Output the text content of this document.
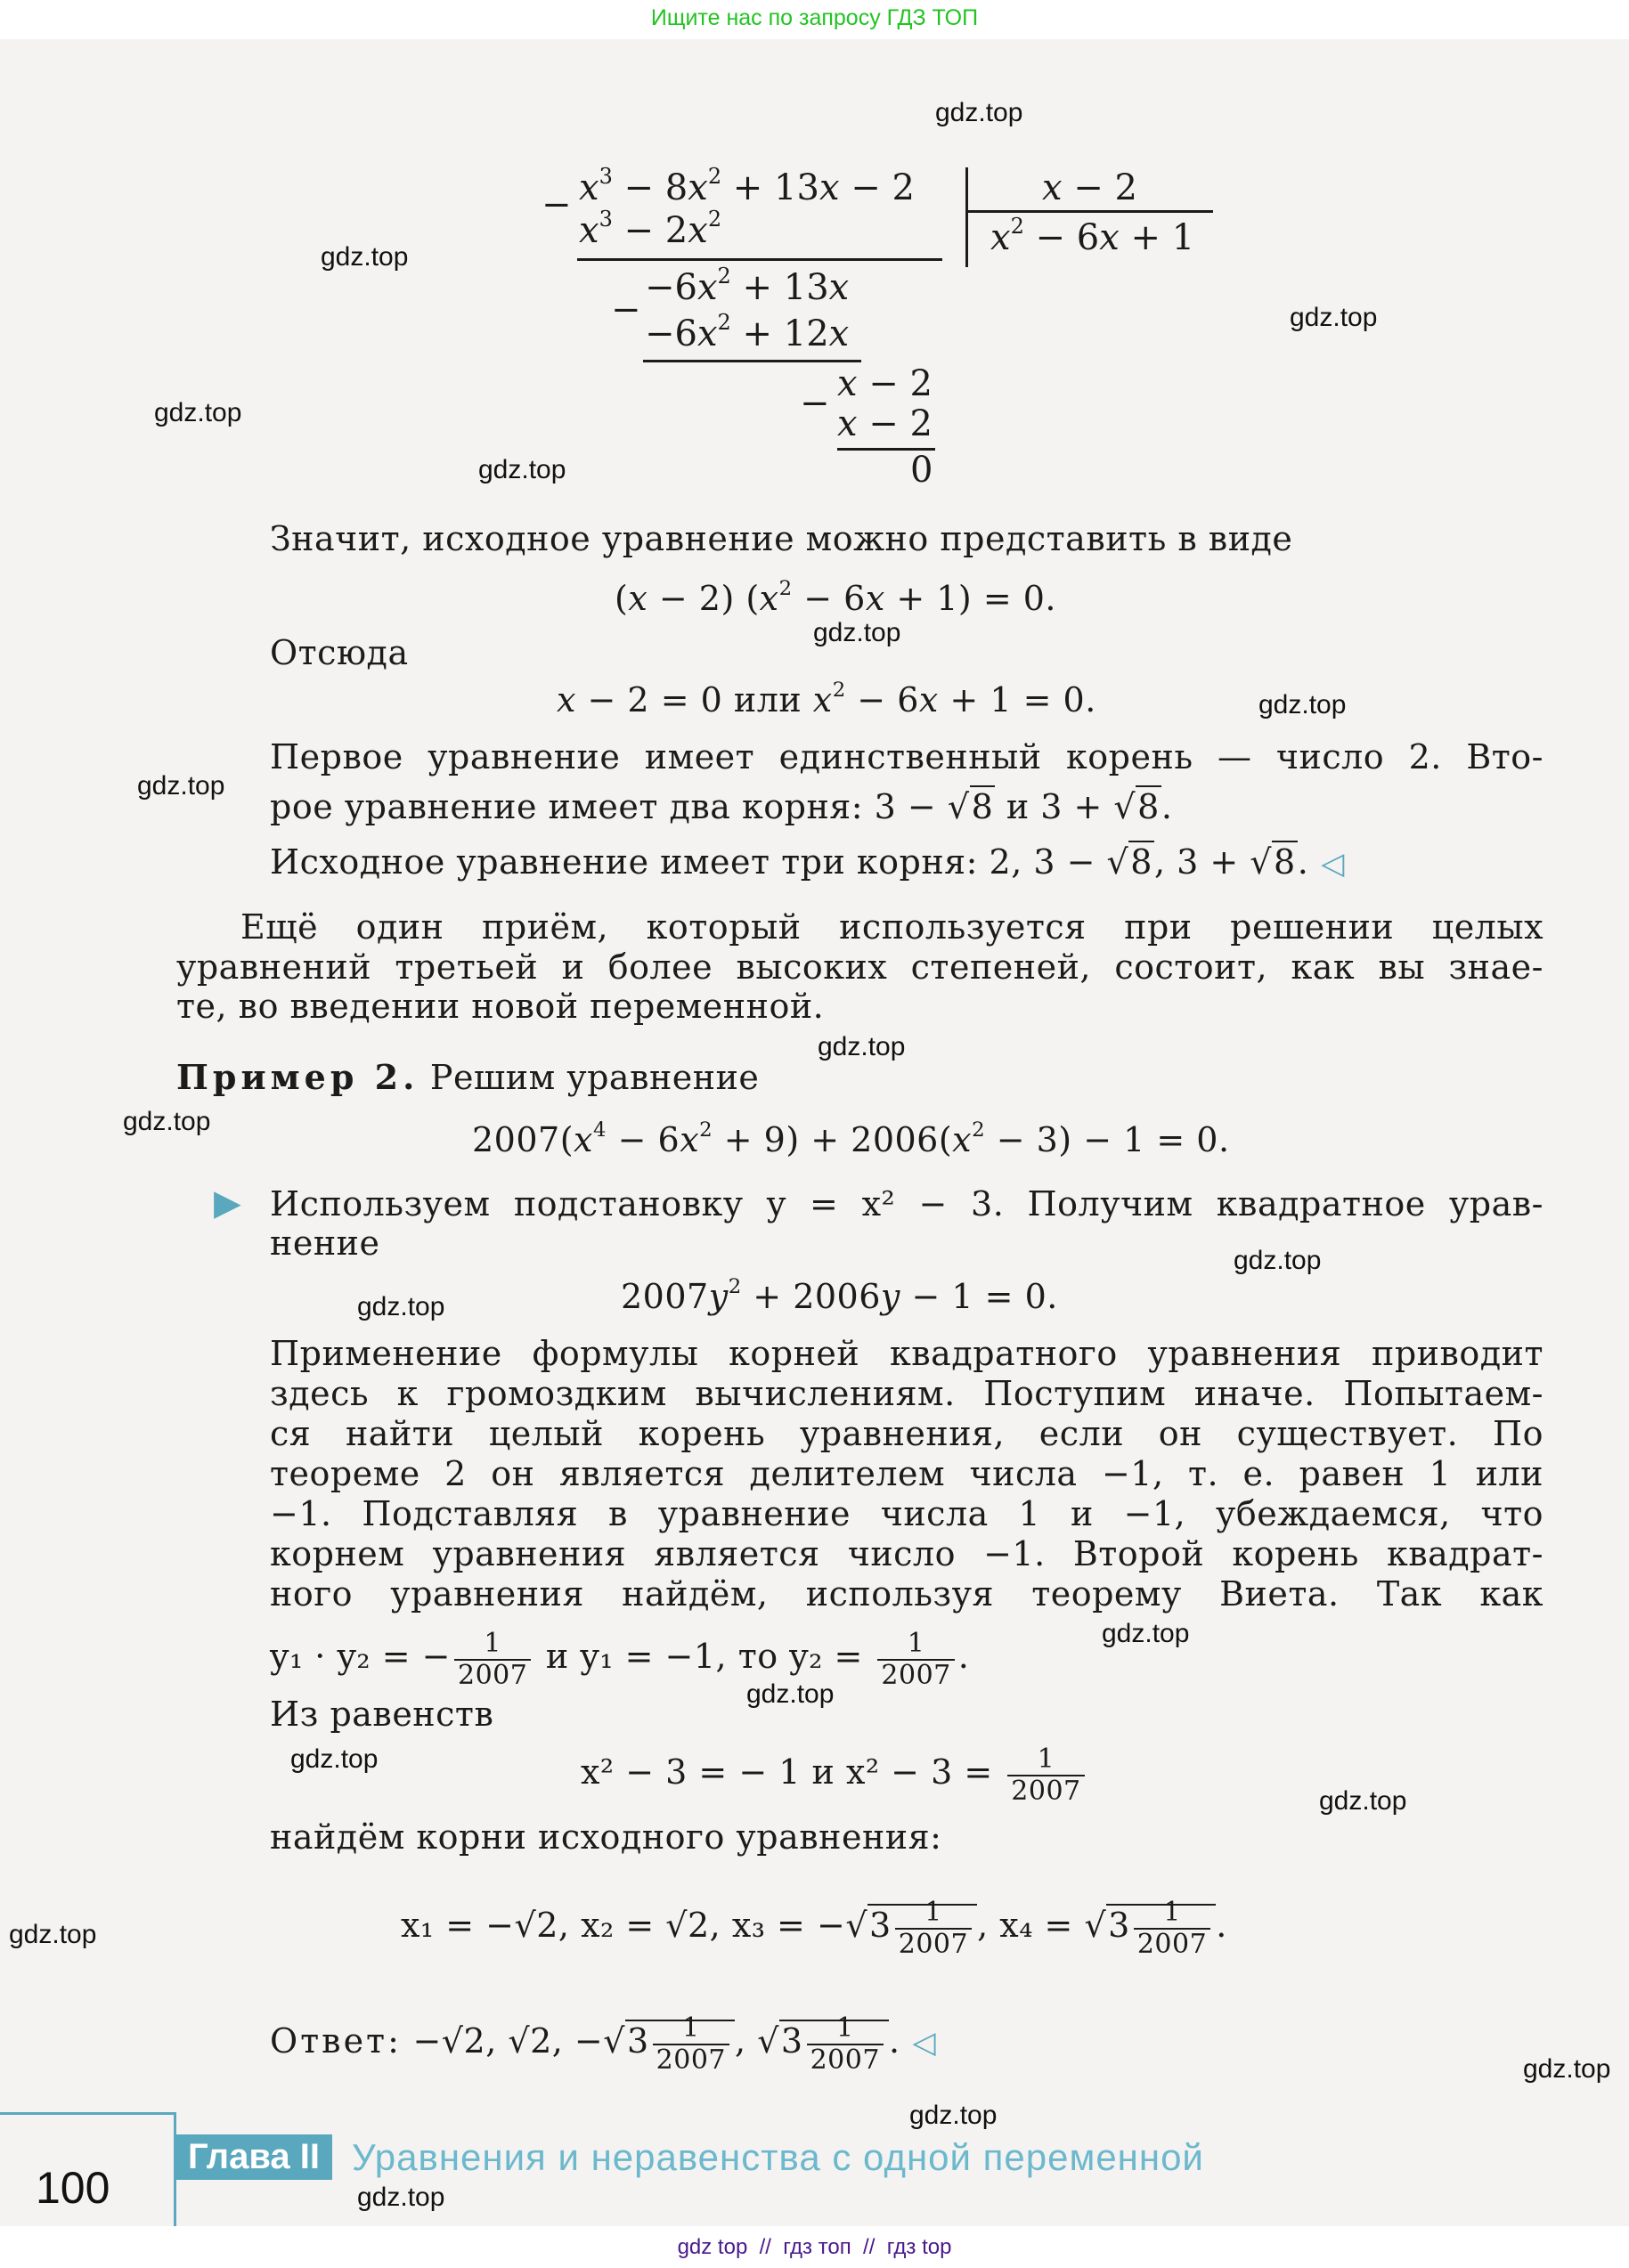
Ищите нас по запросу ГДЗ ТОП
− $x^3 - 8x^2 + 13x - 2$
$x^3 - 2x^2$
x − 2
$x^2 - 6x + 1$
$-6x^2 + 13x$
−
$-6x^2 + 12x$
x − 2
− x − 2
0
Значит, исходное уравнение можно представить в виде
(x − 2) $(x^2 - 6x + 1) = 0$.
Отсюда
x − 2 = 0 или $x^2 - 6x + 1 = 0$.
Первое уравнение имеет единственный корень — число 2. Вто-
рое уравнение имеет два корня: 3 − √8 и 3 + √8.
Исходное уравнение имеет три корня: 2, 3 − √8, 3 + √8. ◁
Ещё один приём, который используется при решении целых
уравнений третьей и более высоких степеней, состоит, как вы знае-
те, во введении новой переменной.
Пример 2. Решим уравнение
$2007(x^4 - 6x^2 + 9) + 2006(x^2 - 3) - 1 = 0$.
▶ Используем подстановку y = x² − 3. Получим квадратное урав-
нение
$2007y^2 + 2006y - 1 = 0$.
Применение формулы корней квадратного уравнения приводит
здесь к громоздким вычислениям. Поступим иначе. Попытаем-
ся найти целый корень уравнения, если он существует. По
теореме 2 он является делителем числа −1, т. е. равен 1 или
−1. Подставляя в уравнение числа 1 и −1, убеждаемся, что
корнем уравнения является число −1. Второй корень квадрат-
ного уравнения найдём, используя теорему Виета. Так как
y₁ · y₂ = − $\frac{1}{2007}$ и y₁ = −1, то $y_2 = \frac{1}{2007}$ .
Из равенств
x² − 3 = − 1 и $x^2 - 3 = \frac{1}{2007}$
найдём корни исходного уравнения:
x₁ = −√2, x₂ = √2, $x_3 = -√3 \frac{1}{2007}$ , $x_4 = √3 \frac{1}{2007}$ .
Ответ: −√2, √2, $-√3 \frac{1}{2007}$ , $√3 \frac{1}{2007}$ . ◁
100
Глава II Уравнения и неравенства с одной переменной
gdz.top
gdz.top
gdz.top
gdz.top
gdz.top
gdz.top
gdz.top
gdz.top
gdz.top
gdz.top
gdz.top
gdz.top
gdz.top
gdz.top
gdz.top
gdz.top
gdz.top
gdz.top
gdz.top
gdz.top
gdz top  //  гдз топ  //  гдз top
